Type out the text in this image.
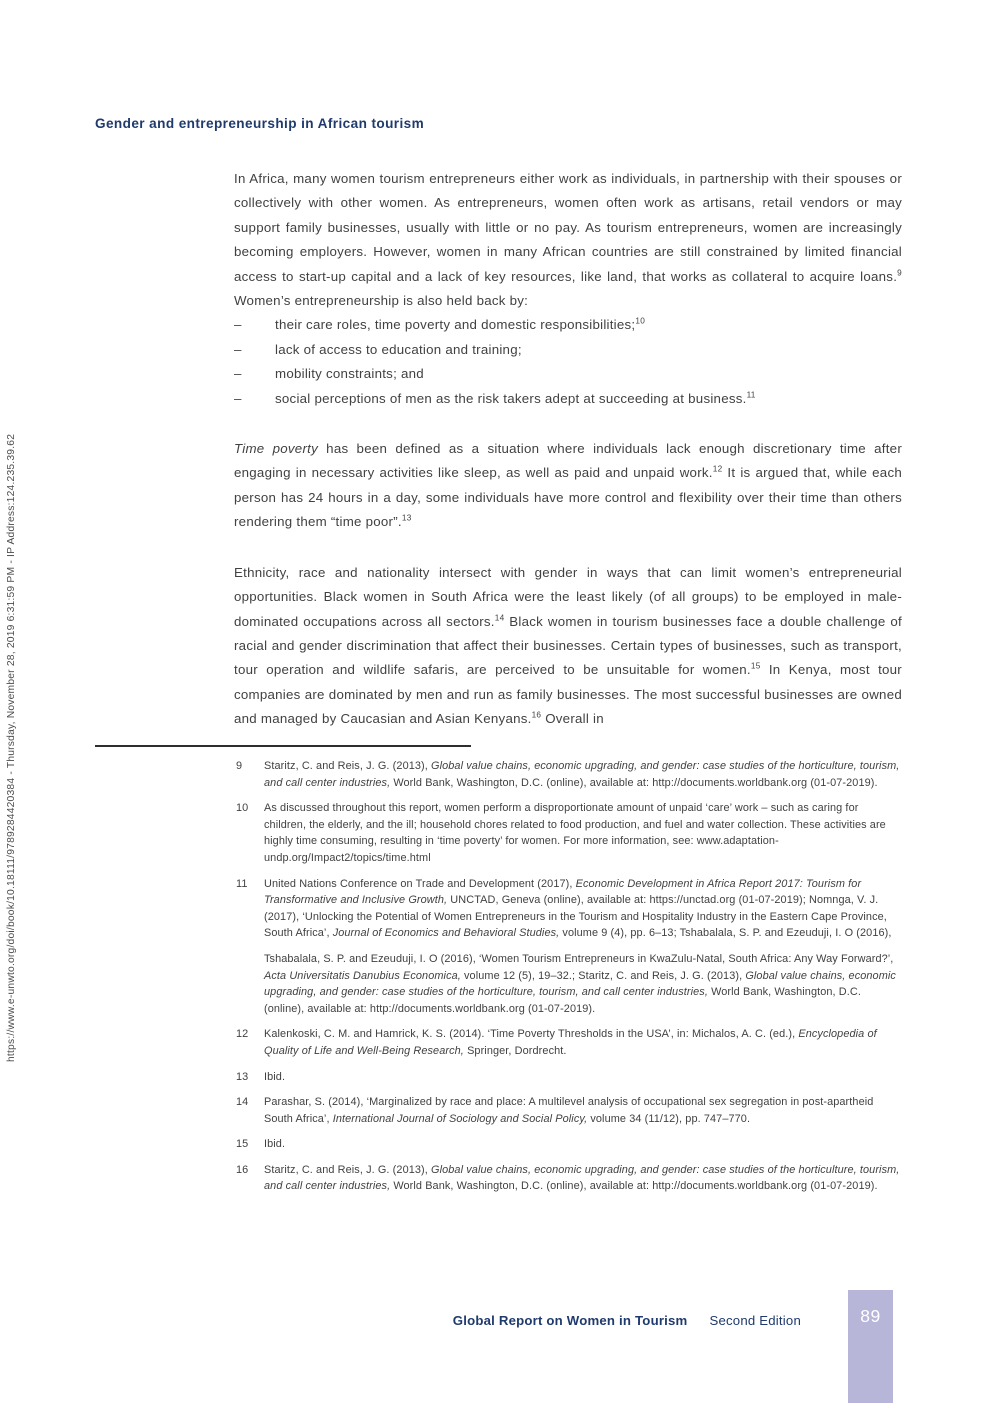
https://www.e-unwto.org/doi/book/10.18111/9789284420384 - Thursday, November 28, 2019 6:31:59 PM - IP Address:124.235.39.62
Gender and entrepreneurship in African tourism

In Africa, many women tourism entrepreneurs either work as individuals, in partnership with their spouses or collectively with other women. As entrepreneurs, women often work as artisans, retail vendors or may support family businesses, usually with little or no pay. As tourism entrepreneurs, women are increasingly becoming employers. However, women in many African countries are still constrained by limited financial access to start-up capital and a lack of key resources, like land, that works as collateral to acquire loans.$^9$ Women’s entrepreneurship is also held back by:

–	their care roles, time poverty and domestic responsibilities;$^{10}$
–	lack of access to education and training;
–	mobility constraints; and
–	social perceptions of men as the risk takers adept at succeeding at business.$^{11}$

Time poverty has been defined as a situation where individuals lack enough discretionary time after engaging in necessary activities like sleep, as well as paid and unpaid work.$^{12}$ It is argued that, while each person has 24 hours in a day, some individuals have more control and flexibility over their time than others rendering them “time poor”.$^{13}$

Ethnicity, race and nationality intersect with gender in ways that can limit women’s entrepreneurial opportunities. Black women in South Africa were the least likely (of all groups) to be employed in male-dominated occupations across all sectors.$^{14}$ Black women in tourism businesses face a double challenge of racial and gender discrimination that affect their businesses. Certain types of businesses, such as transport, tour operation and wildlife safaris, are perceived to be unsuitable for women.$^{15}$ In Kenya, most tour companies are dominated by men and run as family businesses. The most successful businesses are owned and managed by Caucasian and Asian Kenyans.$^{16}$ Overall in

9	Staritz, C. and Reis, J. G. (2013), Global value chains, economic upgrading, and gender: case studies of the horticulture, tourism, and call center industries, World Bank, Washington, D.C. (online), available at: http://documents.worldbank.org (01-07-2019).
10	As discussed throughout this report, women perform a disproportionate amount of unpaid ‘care’ work – such as caring for children, the elderly, and the ill; household chores related to food production, and fuel and water collection. These activities are highly time consuming, resulting in ‘time poverty’ for women. For more information, see: www.adaptation-undp.org/Impact2/topics/time.html
11	United Nations Conference on Trade and Development (2017), Economic Development in Africa Report 2017: Tourism for Transformative and Inclusive Growth, UNCTAD, Geneva (online), available at: https://unctad.org (01-07-2019); Nomnga, V. J. (2017), ‘Unlocking the Potential of Women Entrepreneurs in the Tourism and Hospitality Industry in the Eastern Cape Province, South Africa’, Journal of Economics and Behavioral Studies, volume 9 (4), pp. 6–13; Tshabalala, S. P. and Ezeuduji, I. O (2016),
Tshabalala, S. P. and Ezeuduji, I. O (2016), ‘Women Tourism Entrepreneurs in KwaZulu-Natal, South Africa: Any Way Forward?’, Acta Universitatis Danubius Economica, volume 12 (5), 19–32.; Staritz, C. and Reis, J. G. (2013), Global value chains, economic upgrading, and gender: case studies of the horticulture, tourism, and call center industries, World Bank, Washington, D.C. (online), available at: http://documents.worldbank.org (01-07-2019).
12	Kalenkoski, C. M. and Hamrick, K. S. (2014). ‘Time Poverty Thresholds in the USA’, in: Michalos, A. C. (ed.), Encyclopedia of Quality of Life and Well-Being Research, Springer, Dordrecht.
13	Ibid.
14	Parashar, S. (2014), ‘Marginalized by race and place: A multilevel analysis of occupational sex segregation in post-apartheid South Africa’, International Journal of Sociology and Social Policy, volume 34 (11/12), pp. 747–770.
15	Ibid.
16	Staritz, C. and Reis, J. G. (2013), Global value chains, economic upgrading, and gender: case studies of the horticulture, tourism, and call center industries, World Bank, Washington, D.C. (online), available at: http://documents.worldbank.org (01-07-2019).
Global Report on Women in Tourism Second Edition	89
